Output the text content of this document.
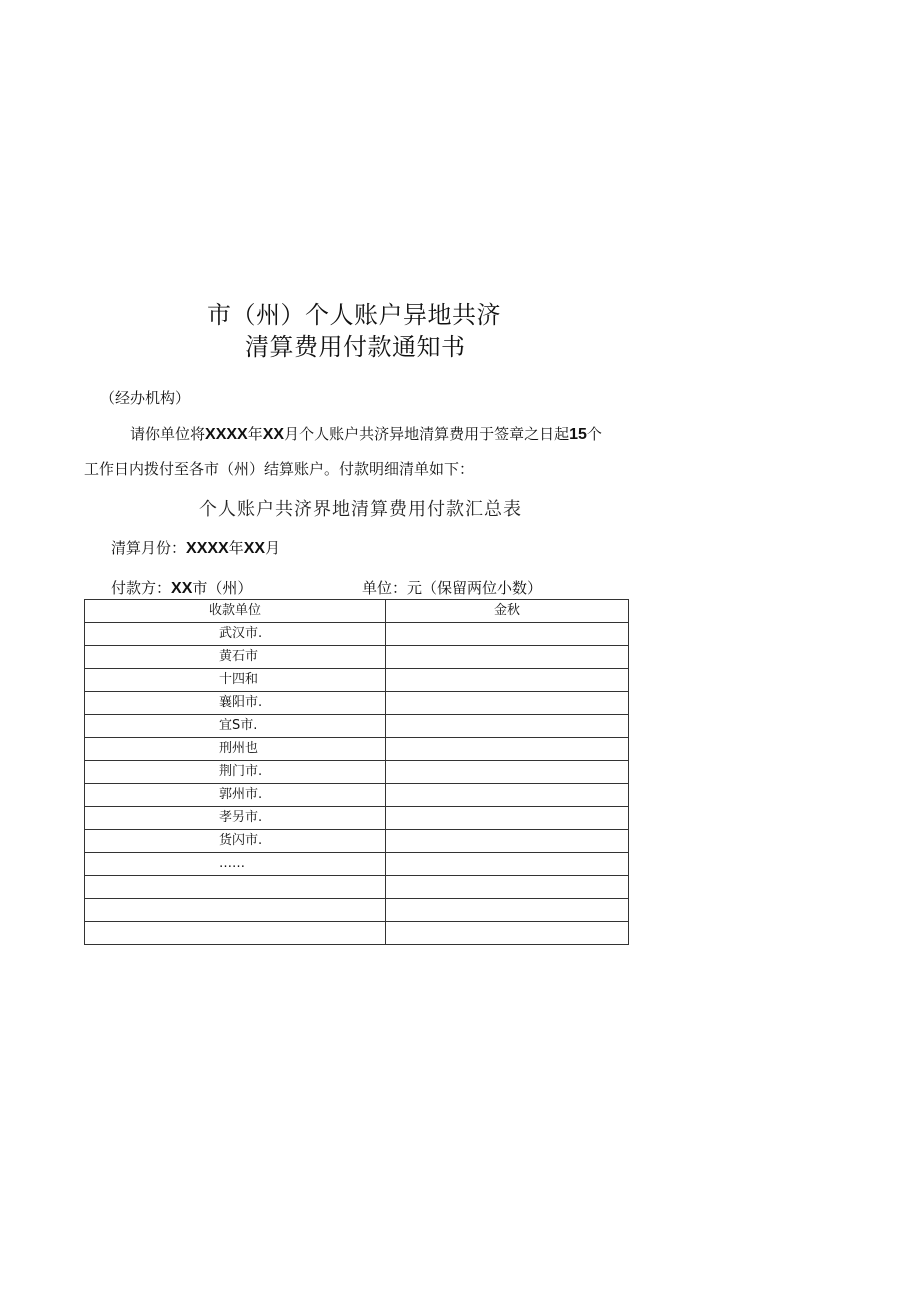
市（州）个人账户异地共济
清算费用付款通知书
（经办机构）
请你单位将XXXX年XX月个人账户共济异地清算费用于签章之日起15个
工作日内拨付至各市（州）结算账户。付款明细清单如下：
个人账户共济界地清算费用付款汇总表
清算月份：XXXX年XX月
付款方：XX市（州）	单位：元（保留两位小数）
收款单位	金秋
武汉市.	
黄石市	
十四和	
襄阳市.	
宜S市.	
刑州也	
荆门市.	
郭州市.	
孝另市.	
货闪市.	
……	
